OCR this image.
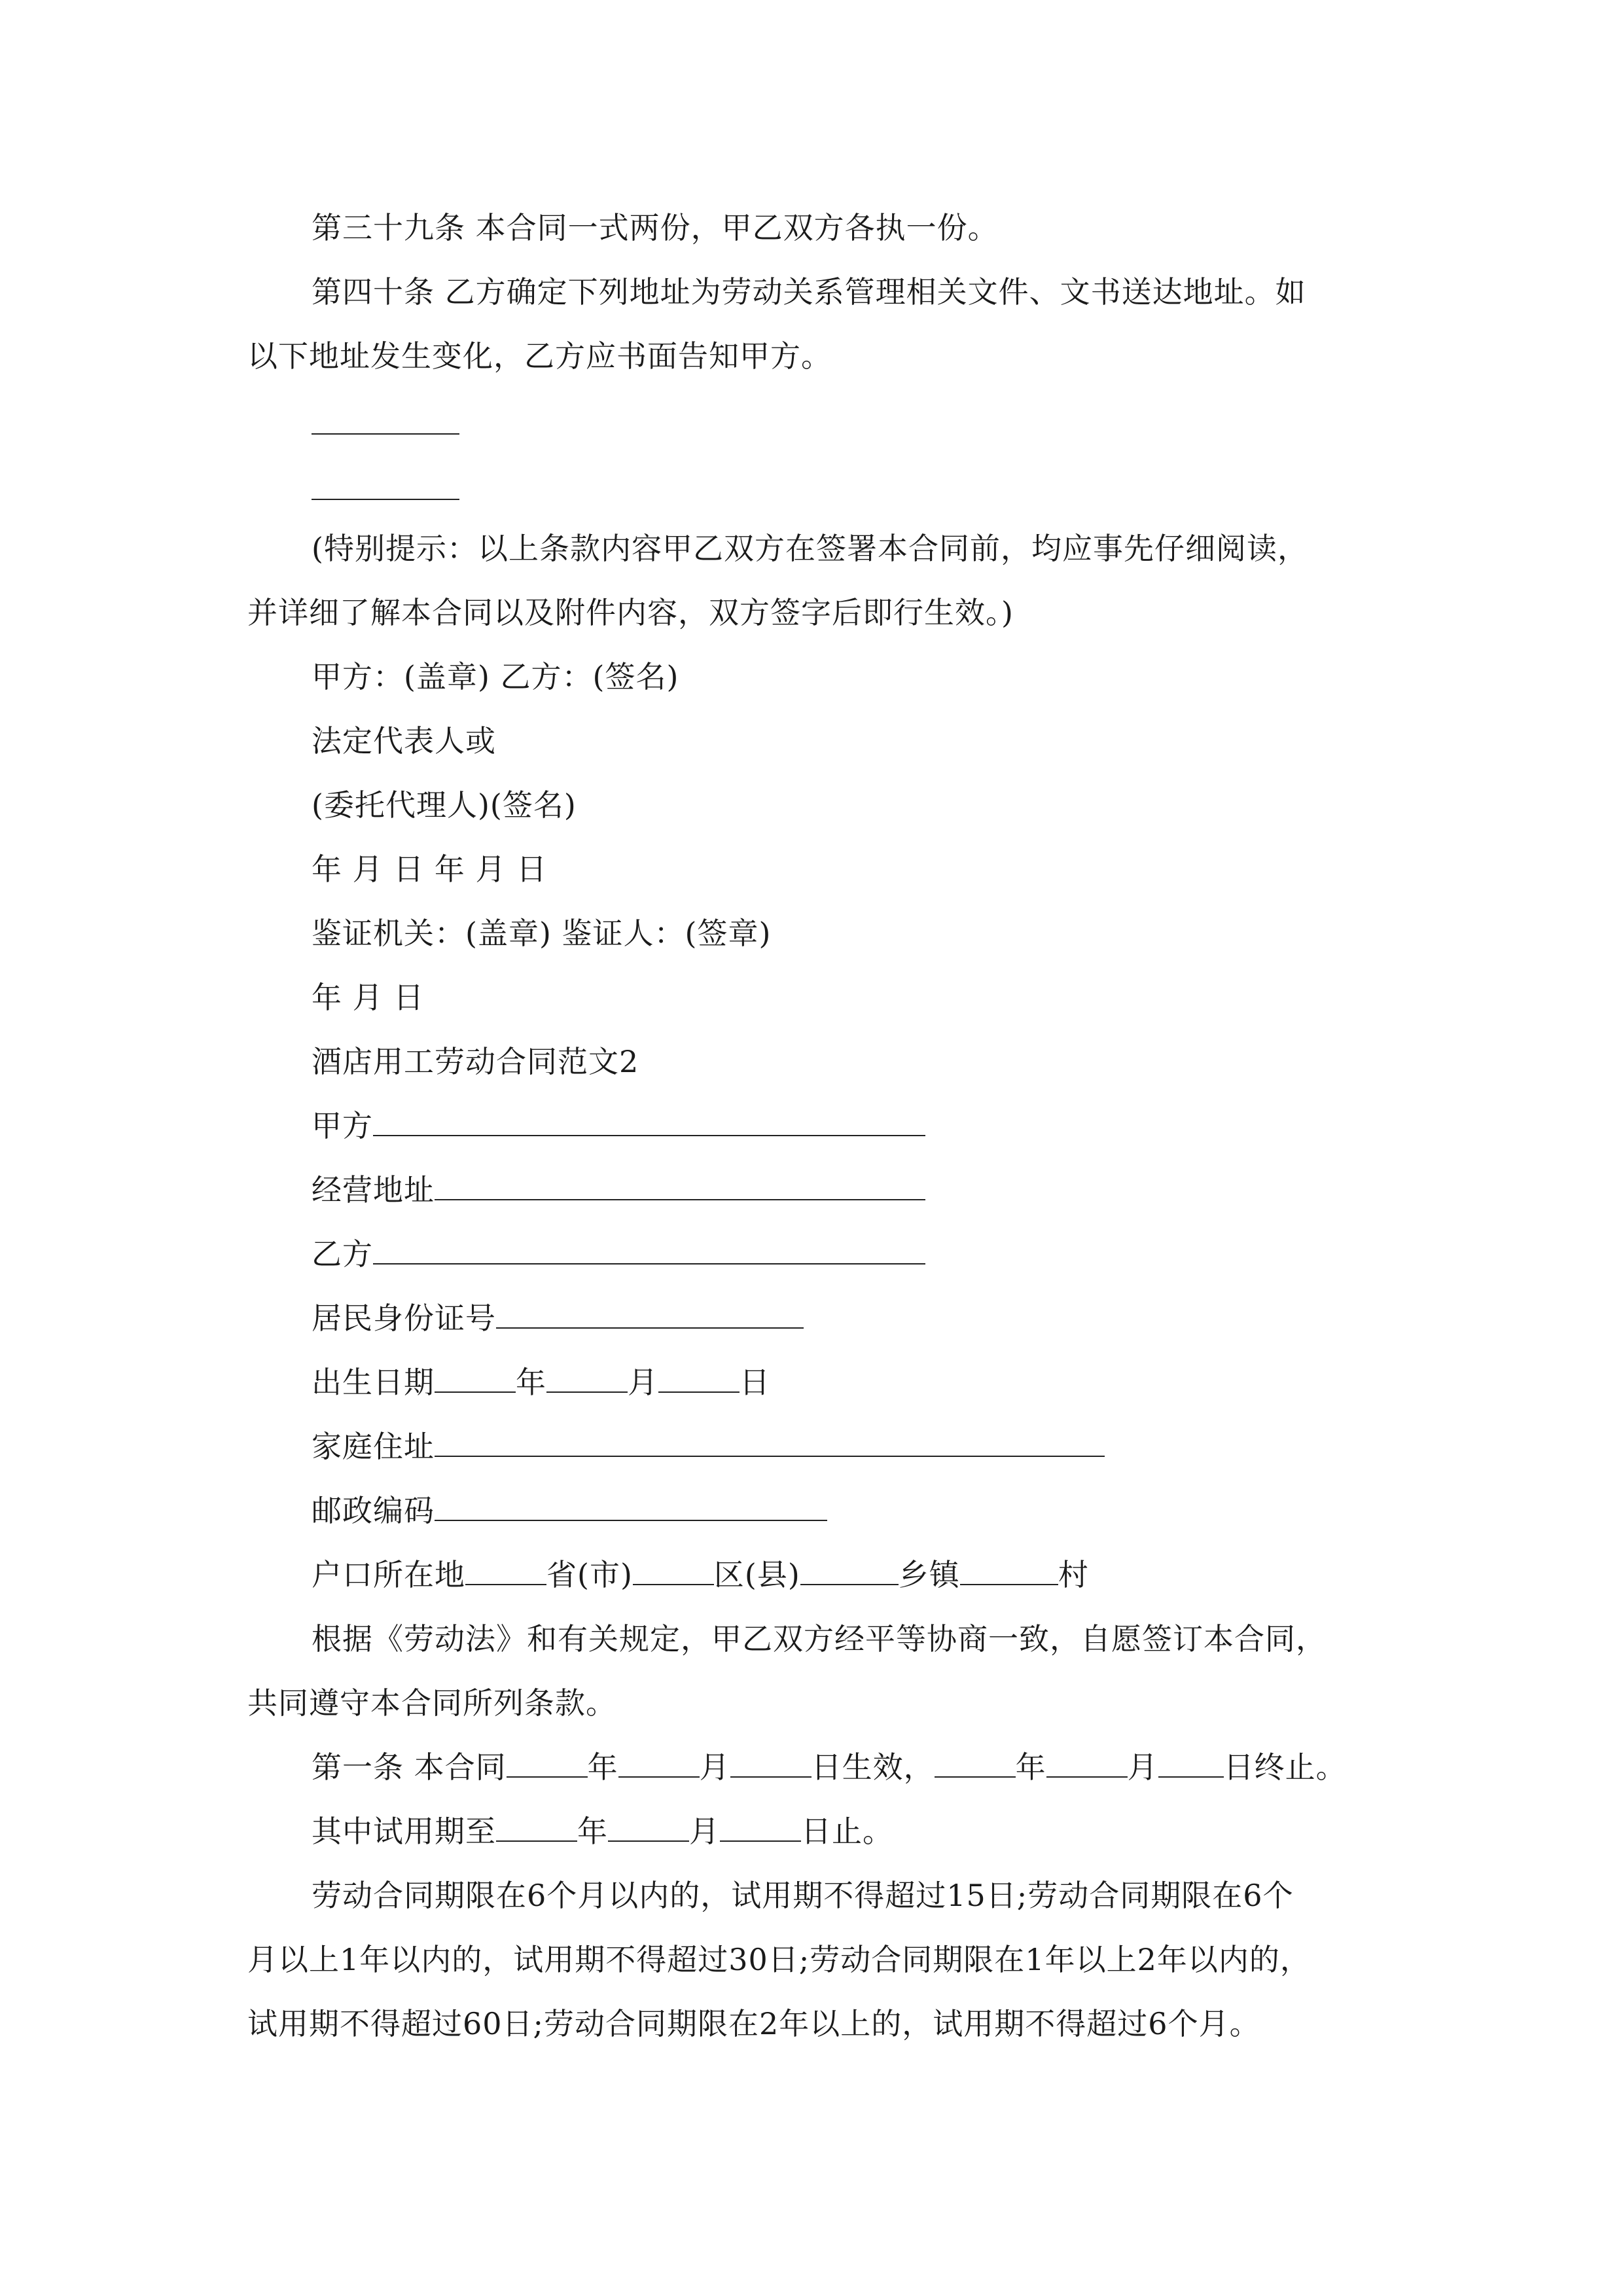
第三十九条 本合同一式两份，甲乙双方各执一份。
第四十条 乙方确定下列地址为劳动关系管理相关文件、文书送达地址。如
以下地址发生变化，乙方应书面告知甲方。
(特别提示：以上条款内容甲乙双方在签署本合同前，均应事先仔细阅读，
并详细了解本合同以及附件内容，双方签字后即行生效。)
甲方：(盖章) 乙方：(签名)
法定代表人或
(委托代理人)(签名)
年 月 日 年 月 日
鉴证机关：(盖章) 鉴证人：(签章)
年 月 日
酒店用工劳动合同范文2
甲方
经营地址
乙方
居民身份证号
出生日期	年	月	日
家庭住址
邮政编码
户口所在地	省(市)	区(县)	乡镇	村
根据《劳动法》和有关规定，甲乙双方经平等协商一致，自愿签订本合同，
共同遵守本合同所列条款。
第一条 本合同	年	月	日生效，	年	月 日终止。
其中试用期至	年	月	日止。
劳动合同期限在6个月以内的，试用期不得超过15日;劳动合同期限在6个
月以上1年以内的，试用期不得超过30日;劳动合同期限在1年以上2年以内的，
试用期不得超过60日;劳动合同期限在2年以上的，试用期不得超过6个月。
